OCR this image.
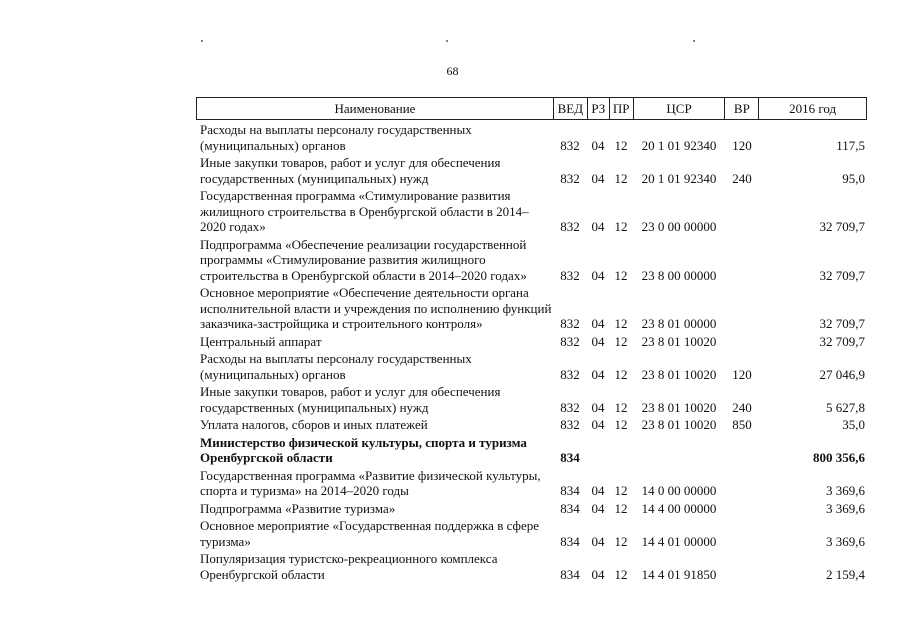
68
Наименование	ВЕД РЗ ПР	ЦСР	ВР	2016 год
Расходы на выплаты персоналу государственных
(муниципальных) органов	832 04 12	20 1 01 92340	120	117,5
Иные закупки товаров, работ и услуг для обеспечения
государственных (муниципальных) нужд	832 04 12	20 1 01 92340	240	95,0
Государственная программа «Стимулирование развития
жилищного строительства в Оренбургской области в 2014–
2020 годах»	832 04 12	23 0 00 00000	32 709,7
Подпрограмма «Обеспечение реализации государственной
программы «Стимулирование развития жилищного
строительства в Оренбургской области в 2014–2020 годах»	832 04 12	23 8 00 00000	32 709,7
Основное мероприятие «Обеспечение деятельности органа
исполнительной власти и учреждения по исполнению функций
заказчика-застройщика и строительного контроля»	832 04 12	23 8 01 00000	32 709,7
Центральный аппарат	832 04 12	23 8 01 10020	32 709,7
Расходы на выплаты персоналу государственных
(муниципальных) органов	832 04 12	23 8 01 10020	120	27 046,9
Иные закупки товаров, работ и услуг для обеспечения
государственных (муниципальных) нужд	832 04 12	23 8 01 10020	240	5 627,8
Уплата налогов, сборов и иных платежей	832 04 12	23 8 01 10020	850	35,0
Министерство физической культуры, спорта и туризма
Оренбургской области	834	800 356,6
Государственная программа «Развитие физической культуры,
спорта и туризма» на 2014–2020 годы	834 04 12	14 0 00 00000	3 369,6
Подпрограмма «Развитие туризма»	834 04 12	14 4 00 00000	3 369,6
Основное мероприятие «Государственная поддержка в сфере
туризма»	834 04 12	14 4 01 00000	3 369,6
Популяризация туристско-рекреационного комплекса
Оренбургской области	834 04 12	14 4 01 91850	2 159,4
